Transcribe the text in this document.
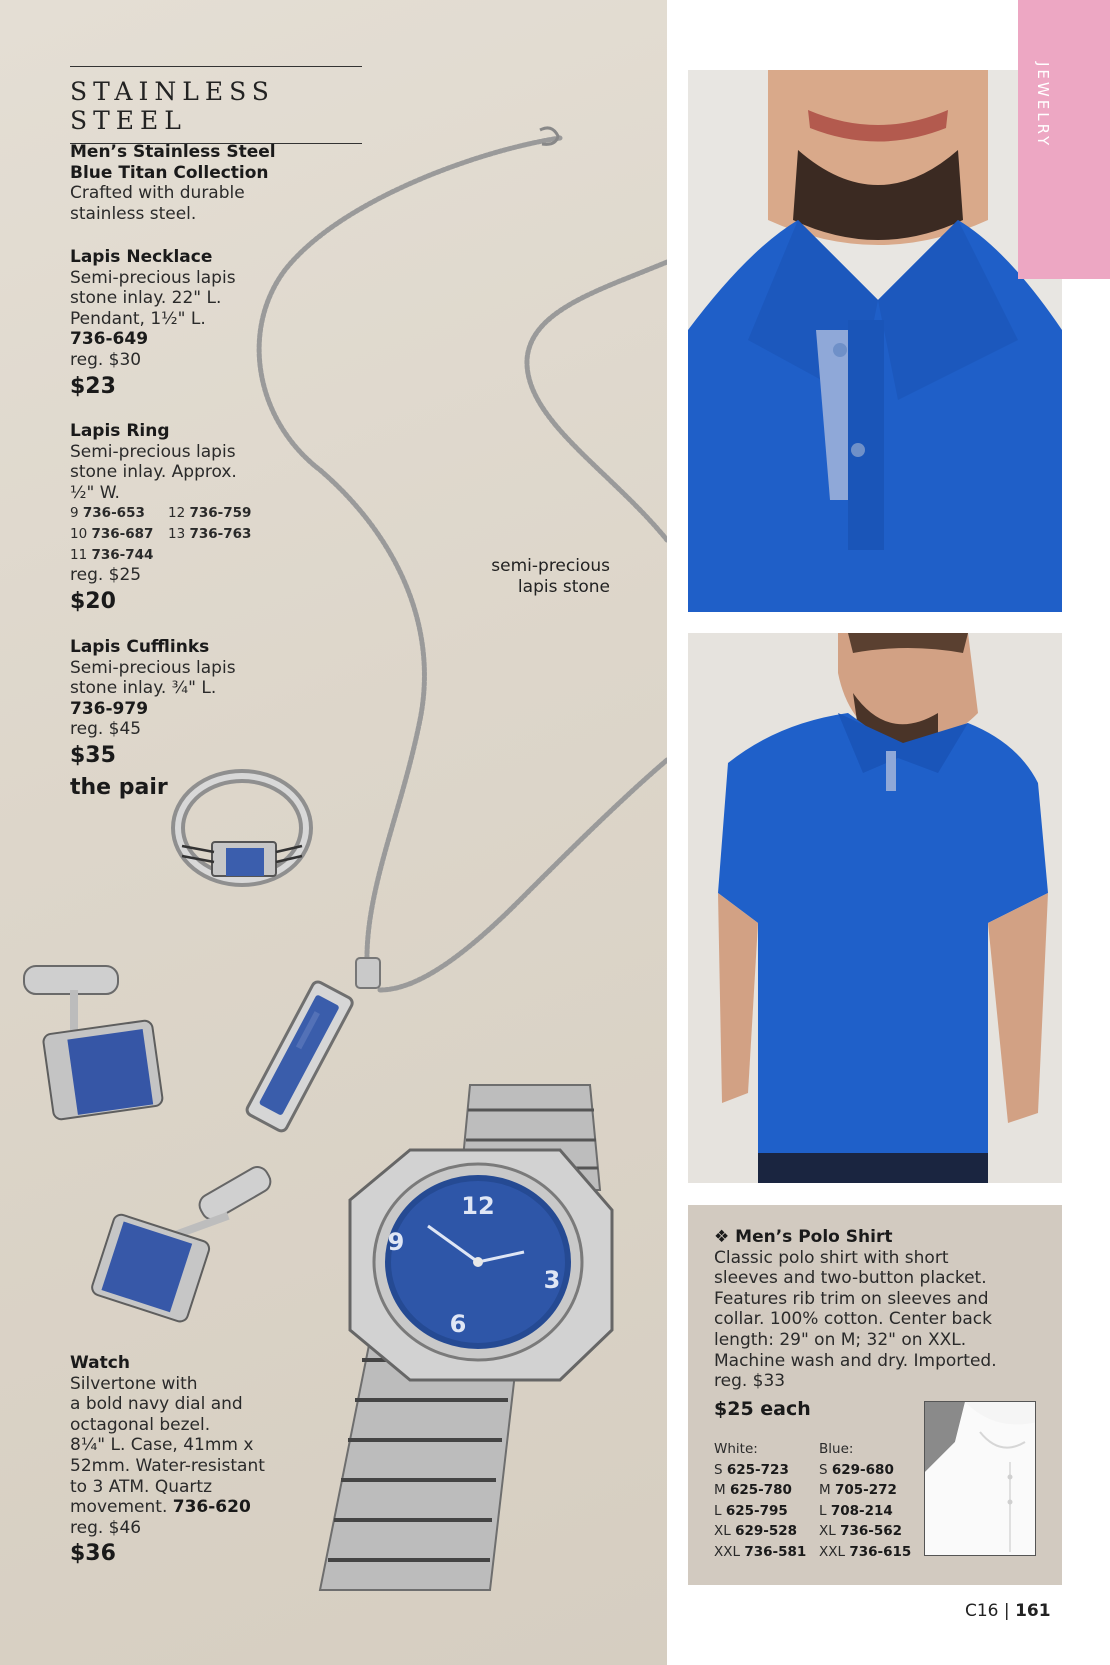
STAINLESS STEEL
Men’s Stainless Steel
Blue Titan Collection
Crafted with durable
stainless steel.
Lapis Necklace
Semi-precious lapis
stone inlay. 22" L.
Pendant, 1½" L.
736-649
reg. $30
$23
Lapis Ring
Semi-precious lapis
stone inlay. Approx.
½" W.
9 736-653	12 736-759
10 736-687	13 736-763
11 736-744
reg. $25
$20
Lapis Cufflinks
Semi-precious lapis
stone inlay. ¾" L.
736-979
reg. $45
$35
the pair
semi-precious
lapis stone
12
3
6
9
Watch
Silvertone with
a bold navy dial and
octagonal bezel.
8¼" L. Case, 41mm x
52mm. Water-resistant
to 3 ATM. Quartz
movement. 736-620
reg. $46
$36
JEWELRY
❖ Men’s Polo Shirt
Classic polo shirt with short
sleeves and two-button placket.
Features rib trim on sleeves and
collar. 100% cotton. Center back
length: 29" on M; 32" on XXL.
Machine wash and dry. Imported.
reg. $33
$25 each
White:	Blue:
S 625-723	S 629-680
M 625-780	M 705-272
L 625-795	L 708-214
XL 629-528	XL 736-562
XXL 736-581 XXL 736-615
C16 | 161
